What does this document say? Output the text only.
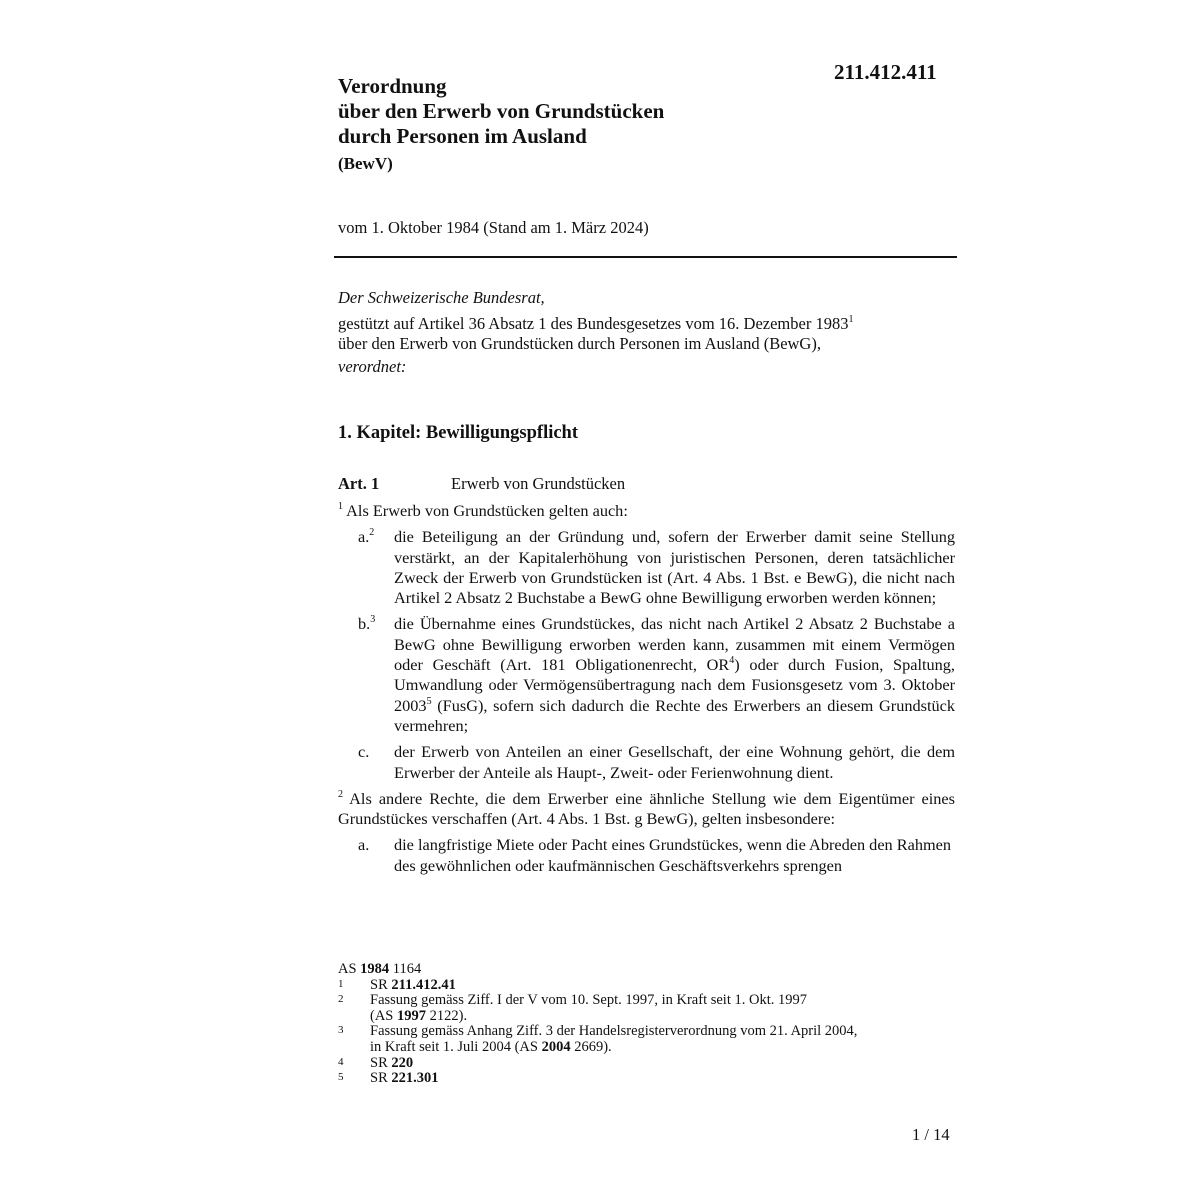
211.412.411
Verordnung
über den Erwerb von Grundstücken
durch Personen im Ausland
(BewV)
vom 1. Oktober 1984 (Stand am 1. März 2024)
Der Schweizerische Bundesrat,
gestützt auf Artikel 36 Absatz 1 des Bundesgesetzes vom 16. Dezember 1983$^1$
über den Erwerb von Grundstücken durch Personen im Ausland (BewG),
verordnet:
1. Kapitel: Bewilligungspflicht
Art. 1	Erwerb von Grundstücken

$^1$ Als Erwerb von Grundstücken gelten auch:

a.$^2$	die Beteiligung an der Gründung und, sofern der Erwerber damit seine Stellung verstärkt, an der Kapitalerhöhung von juristischen Personen, deren tatsächlicher Zweck der Erwerb von Grundstücken ist (Art. 4 Abs. 1 Bst. e BewG), die nicht nach Artikel 2 Absatz 2 Buchstabe a BewG ohne Bewilligung erworben werden können;
b.$^3$	die Übernahme eines Grundstückes, das nicht nach Artikel 2 Absatz 2 Buchstabe a BewG ohne Bewilligung erworben werden kann, zusammen mit einem Vermögen oder Geschäft (Art. 181 Obligationenrecht, $OR^4$) oder durch Fusion, Spaltung, Umwandlung oder Vermögensübertragung nach dem Fusionsgesetz vom 3. Oktober 2003$^5$ (FusG), sofern sich dadurch die Rechte des Erwerbers an diesem Grundstück vermehren;
c.	der Erwerb von Anteilen an einer Gesellschaft, der eine Wohnung gehört, die dem Erwerber der Anteile als Haupt-, Zweit- oder Ferienwohnung dient.

$^2$ Als andere Rechte, die dem Erwerber eine ähnliche Stellung wie dem Eigentümer eines Grundstückes verschaffen (Art. 4 Abs. 1 Bst. g BewG), gelten insbesondere:

a.	die langfristige Miete oder Pacht eines Grundstückes, wenn die Abreden den Rahmen des gewöhnlichen oder kaufmännischen Geschäftsverkehrs sprengen
AS 1984 1164
1	SR 211.412.41
2	Fassung gemäss Ziff. I der V vom 10. Sept. 1997, in Kraft seit 1. Okt. 1997
(AS 1997 2122).
3	Fassung gemäss Anhang Ziff. 3 der Handelsregisterverordnung vom 21. April 2004,
in Kraft seit 1. Juli 2004 (AS 2004 2669).
4	SR 220
5	SR 221.301
1 / 14
